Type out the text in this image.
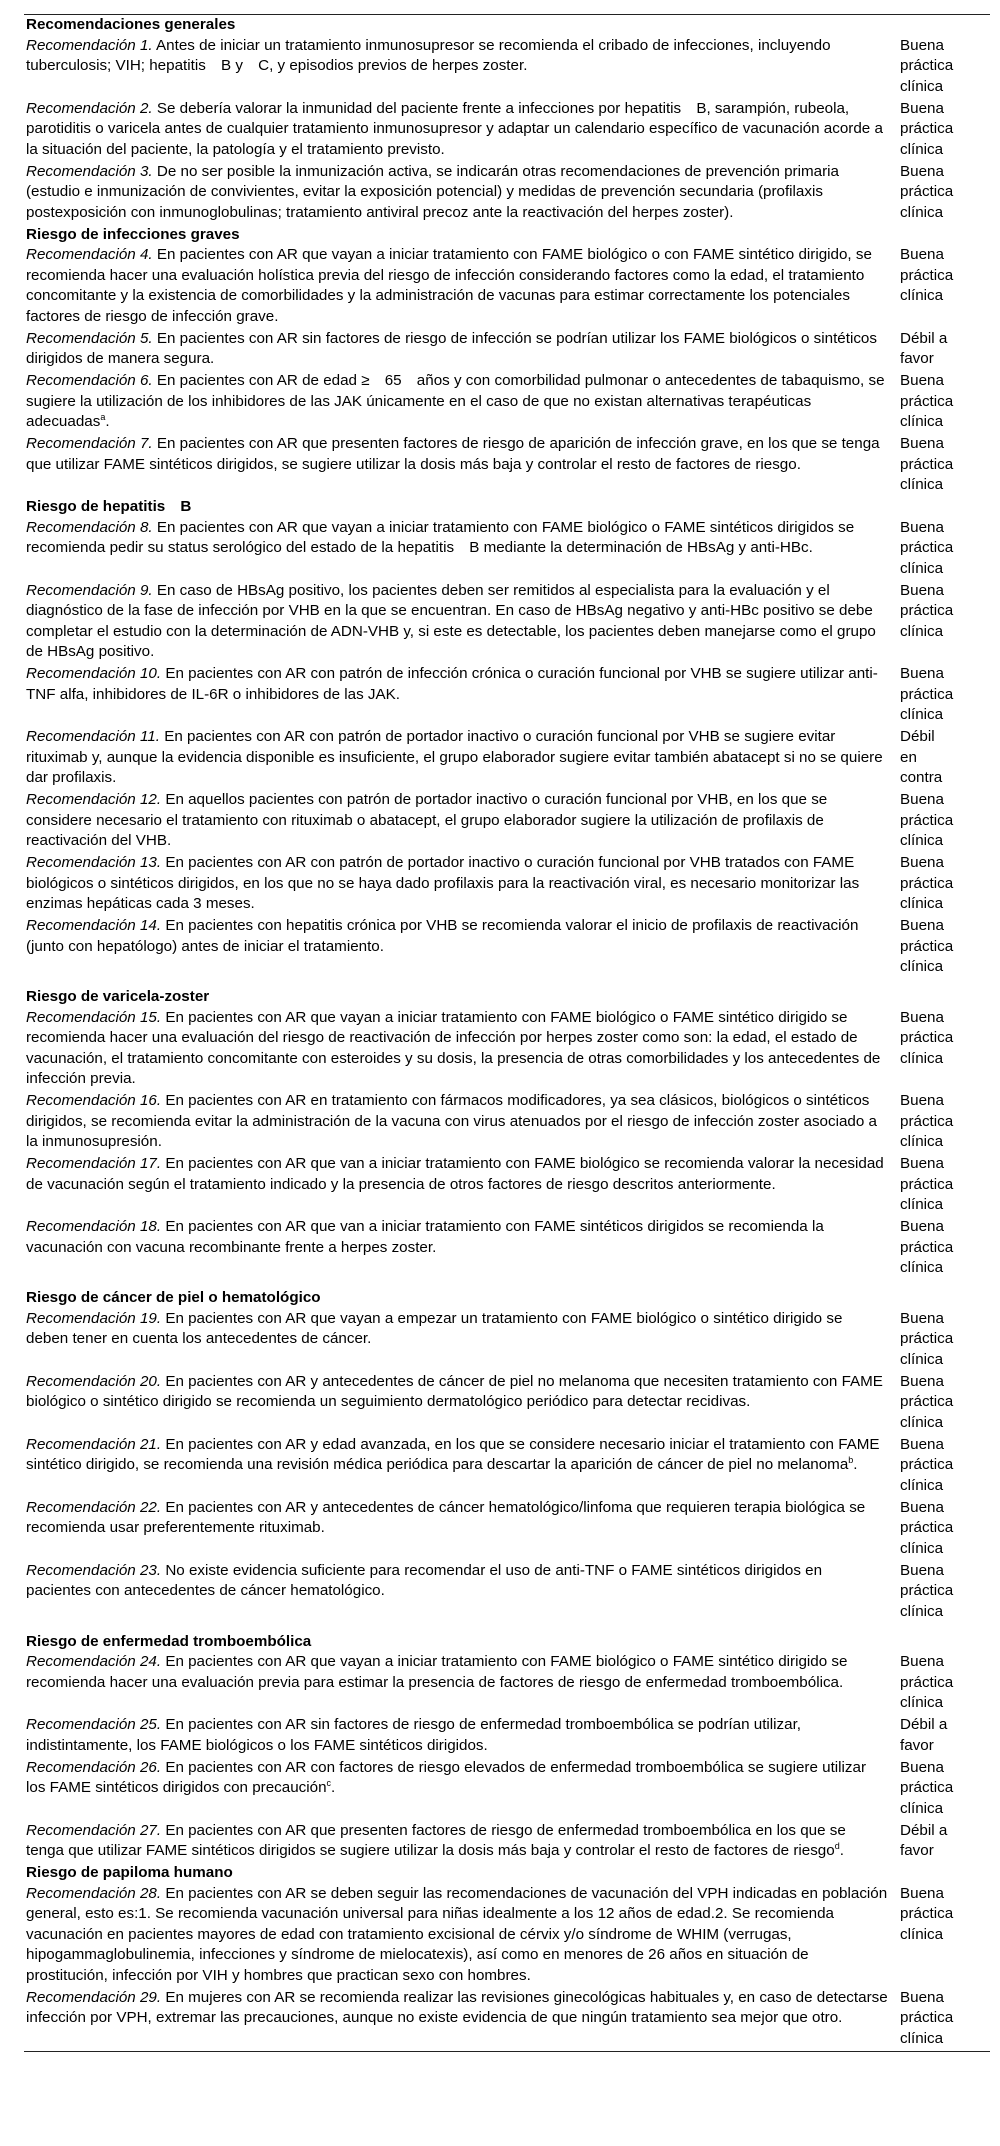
Recomendaciones generales
Recomendación 1. Antes de iniciar un tratamiento inmunosupresor se recomienda el cribado de infecciones, incluyendo tuberculosis; VIH; hepatitis B y C, y episodios previos de herpes zoster.
Buena
práctica
clínica
Recomendación 2. Se debería valorar la inmunidad del paciente frente a infecciones por hepatitis B, sarampión, rubeola, parotiditis o varicela antes de cualquier tratamiento inmunosupresor y adaptar un calendario específico de vacunación acorde a la situación del paciente, la patología y el tratamiento previsto.
Buena
práctica
clínica
Recomendación 3. De no ser posible la inmunización activa, se indicarán otras recomendaciones de prevención primaria (estudio e inmunización de convivientes, evitar la exposición potencial) y medidas de prevención secundaria (profilaxis postexposición con inmunoglobulinas; tratamiento antiviral precoz ante la reactivación del herpes zoster).
Buena
práctica
clínica
Riesgo de infecciones graves
Recomendación 4. En pacientes con AR que vayan a iniciar tratamiento con FAME biológico o con FAME sintético dirigido, se recomienda hacer una evaluación holística previa del riesgo de infección considerando factores como la edad, el tratamiento concomitante y la existencia de comorbilidades y la administración de vacunas para estimar correctamente los potenciales factores de riesgo de infección grave.
Buena
práctica
clínica
Recomendación 5. En pacientes con AR sin factores de riesgo de infección se podrían utilizar los FAME biológicos o sintéticos dirigidos de manera segura.
Débil a
favor
Recomendación 6. En pacientes con AR de edad ≥ 65 años y con comorbilidad pulmonar o antecedentes de tabaquismo, se sugiere la utilización de los inhibidores de las JAK únicamente en el caso de que no existan alternativas terapéuticas adecuadas$^a$.
Buena
práctica
clínica
Recomendación 7. En pacientes con AR que presenten factores de riesgo de aparición de infección grave, en los que se tenga que utilizar FAME sintéticos dirigidos, se sugiere utilizar la dosis más baja y controlar el resto de factores de riesgo.
Buena
práctica
clínica
Riesgo de hepatitis B
Recomendación 8. En pacientes con AR que vayan a iniciar tratamiento con FAME biológico o FAME sintéticos dirigidos se recomienda pedir su status serológico del estado de la hepatitis B mediante la determinación de HBsAg y anti-HBc.
Buena
práctica
clínica
Recomendación 9. En caso de HBsAg positivo, los pacientes deben ser remitidos al especialista para la evaluación y el diagnóstico de la fase de infección por VHB en la que se encuentran. En caso de HBsAg negativo y anti-HBc positivo se debe completar el estudio con la determinación de ADN-VHB y, si este es detectable, los pacientes deben manejarse como el grupo de HBsAg positivo.
Buena
práctica
clínica
Recomendación 10. En pacientes con AR con patrón de infección crónica o curación funcional por VHB se sugiere utilizar anti-TNF alfa, inhibidores de IL-6R o inhibidores de las JAK.
Buena
práctica
clínica
Recomendación 11. En pacientes con AR con patrón de portador inactivo o curación funcional por VHB se sugiere evitar rituximab y, aunque la evidencia disponible es insuficiente, el grupo elaborador sugiere evitar también abatacept si no se quiere dar profilaxis.
Débil
en
contra
Recomendación 12. En aquellos pacientes con patrón de portador inactivo o curación funcional por VHB, en los que se considere necesario el tratamiento con rituximab o abatacept, el grupo elaborador sugiere la utilización de profilaxis de reactivación del VHB.
Buena
práctica
clínica
Recomendación 13. En pacientes con AR con patrón de portador inactivo o curación funcional por VHB tratados con FAME biológicos o sintéticos dirigidos, en los que no se haya dado profilaxis para la reactivación viral, es necesario monitorizar las enzimas hepáticas cada 3 meses.
Buena
práctica
clínica
Recomendación 14. En pacientes con hepatitis crónica por VHB se recomienda valorar el inicio de profilaxis de reactivación (junto con hepatólogo) antes de iniciar el tratamiento.
Buena
práctica
clínica
Riesgo de varicela-zoster
Recomendación 15. En pacientes con AR que vayan a iniciar tratamiento con FAME biológico o FAME sintético dirigido se recomienda hacer una evaluación del riesgo de reactivación de infección por herpes zoster como son: la edad, el estado de vacunación, el tratamiento concomitante con esteroides y su dosis, la presencia de otras comorbilidades y los antecedentes de infección previa.
Buena
práctica
clínica
Recomendación 16. En pacientes con AR en tratamiento con fármacos modificadores, ya sea clásicos, biológicos o sintéticos dirigidos, se recomienda evitar la administración de la vacuna con virus atenuados por el riesgo de infección zoster asociado a la inmunosupresión.
Buena
práctica
clínica
Recomendación 17. En pacientes con AR que van a iniciar tratamiento con FAME biológico se recomienda valorar la necesidad de vacunación según el tratamiento indicado y la presencia de otros factores de riesgo descritos anteriormente.
Buena
práctica
clínica
Recomendación 18. En pacientes con AR que van a iniciar tratamiento con FAME sintéticos dirigidos se recomienda la vacunación con vacuna recombinante frente a herpes zoster.
Buena
práctica
clínica
Riesgo de cáncer de piel o hematológico
Recomendación 19. En pacientes con AR que vayan a empezar un tratamiento con FAME biológico o sintético dirigido se deben tener en cuenta los antecedentes de cáncer.
Buena
práctica
clínica
Recomendación 20. En pacientes con AR y antecedentes de cáncer de piel no melanoma que necesiten tratamiento con FAME biológico o sintético dirigido se recomienda un seguimiento dermatológico periódico para detectar recidivas.
Buena
práctica
clínica
Recomendación 21. En pacientes con AR y edad avanzada, en los que se considere necesario iniciar el tratamiento con FAME sintético dirigido, se recomienda una revisión médica periódica para descartar la aparición de cáncer de piel no melanoma$^b$.
Buena
práctica
clínica
Recomendación 22. En pacientes con AR y antecedentes de cáncer hematológico/linfoma que requieren terapia biológica se recomienda usar preferentemente rituximab.
Buena
práctica
clínica
Recomendación 23. No existe evidencia suficiente para recomendar el uso de anti-TNF o FAME sintéticos dirigidos en pacientes con antecedentes de cáncer hematológico.
Buena
práctica
clínica
Riesgo de enfermedad tromboembólica
Recomendación 24. En pacientes con AR que vayan a iniciar tratamiento con FAME biológico o FAME sintético dirigido se recomienda hacer una evaluación previa para estimar la presencia de factores de riesgo de enfermedad tromboembólica.
Buena
práctica
clínica
Recomendación 25. En pacientes con AR sin factores de riesgo de enfermedad tromboembólica se podrían utilizar, indistintamente, los FAME biológicos o los FAME sintéticos dirigidos.
Débil a
favor
Recomendación 26. En pacientes con AR con factores de riesgo elevados de enfermedad tromboembólica se sugiere utilizar los FAME sintéticos dirigidos con precaución$^c$.
Buena
práctica
clínica
Recomendación 27. En pacientes con AR que presenten factores de riesgo de enfermedad tromboembólica en los que se tenga que utilizar FAME sintéticos dirigidos se sugiere utilizar la dosis más baja y controlar el resto de factores de riesgo$^d$.
Débil a
favor
Riesgo de papiloma humano
Recomendación 28. En pacientes con AR se deben seguir las recomendaciones de vacunación del VPH indicadas en población general, esto es:1. Se recomienda vacunación universal para niñas idealmente a los 12 años de edad.2. Se recomienda vacunación en pacientes mayores de edad con tratamiento excisional de cérvix y/o síndrome de WHIM (verrugas, hipogammaglobulinemia, infecciones y síndrome de mielocatexis), así como en menores de 26 años en situación de prostitución, infección por VIH y hombres que practican sexo con hombres.
Buena
práctica
clínica
Recomendación 29. En mujeres con AR se recomienda realizar las revisiones ginecológicas habituales y, en caso de detectarse infección por VPH, extremar las precauciones, aunque no existe evidencia de que ningún tratamiento sea mejor que otro.
Buena
práctica
clínica
